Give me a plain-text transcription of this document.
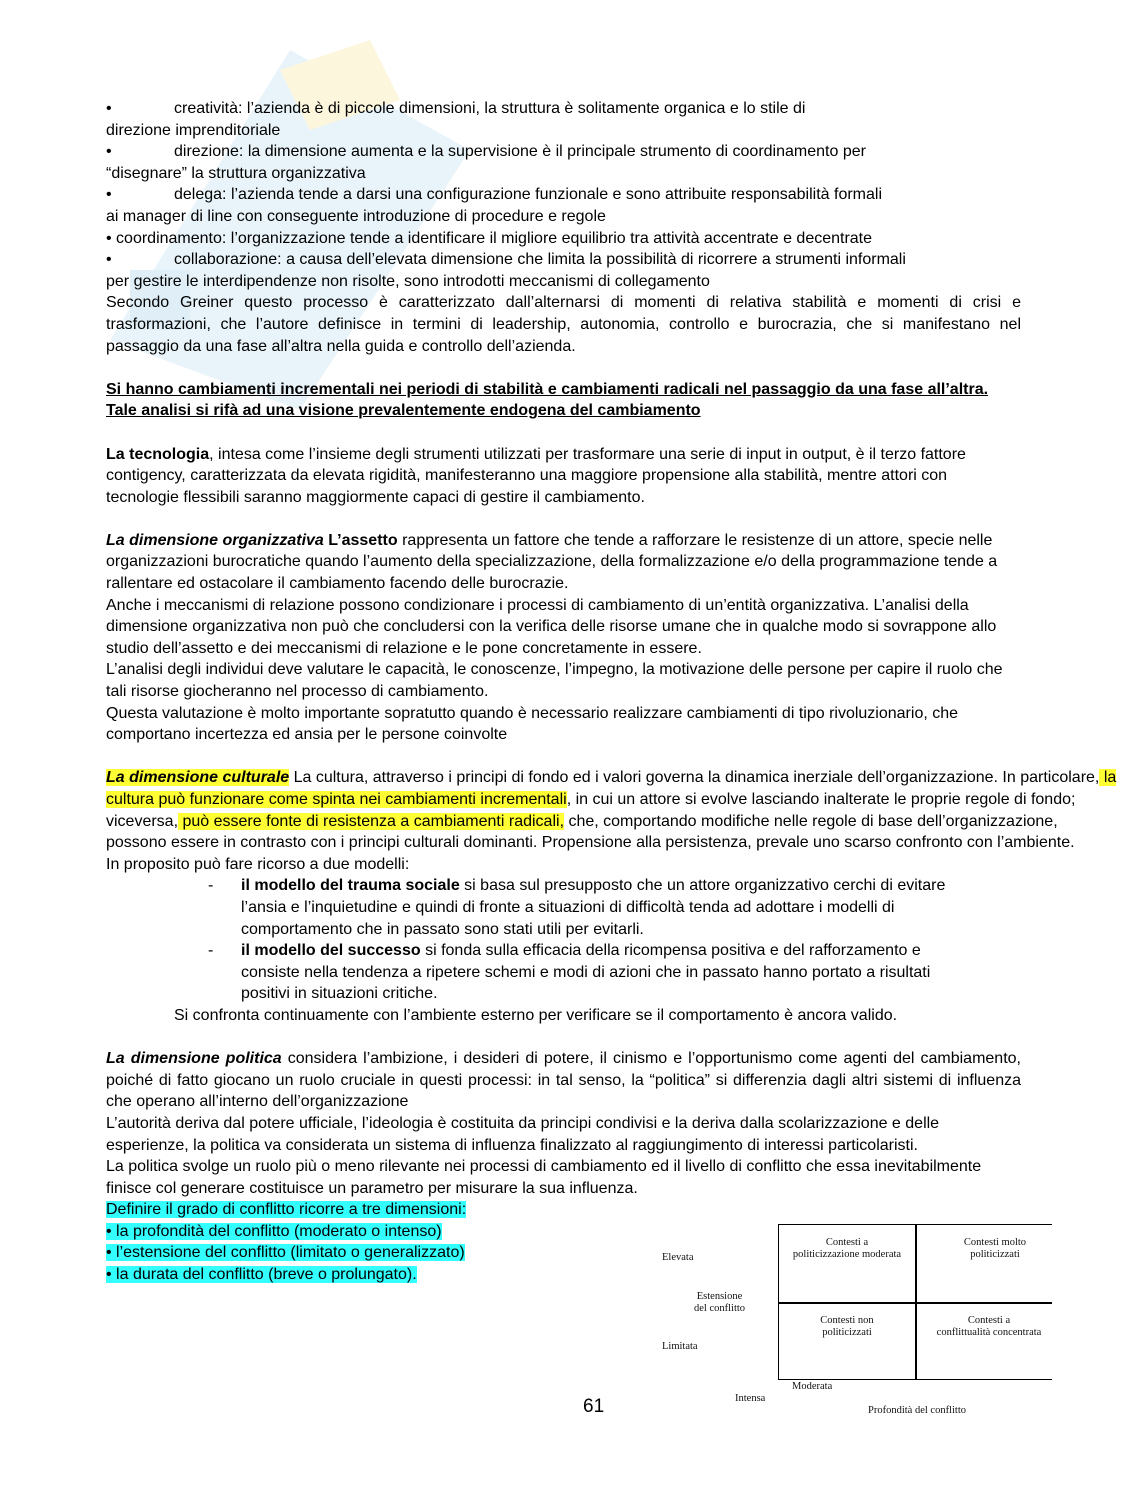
•	creatività: l’azienda è di piccole dimensioni, la struttura è solitamente organica e lo stile di
direzione imprenditoriale
•	direzione: la dimensione aumenta e la supervisione è il principale strumento di coordinamento per
“disegnare” la struttura organizzativa
•	delega: l’azienda tende a darsi una configurazione funzionale e sono attribuite responsabilità formali
ai manager di line con conseguente introduzione di procedure e regole
• coordinamento: l’organizzazione tende a identificare il migliore equilibrio tra attività accentrate e decentrate
•	collaborazione: a causa dell’elevata dimensione che limita la possibilità di ricorrere a strumenti informali
per gestire le interdipendenze non risolte, sono introdotti meccanismi di collegamento

Secondo Greiner questo processo è caratterizzato dall’alternarsi di momenti di relativa stabilità e momenti di crisi e trasformazioni, che l’autore definisce in termini di leadership, autonomia, controllo e burocrazia, che si manifestano nel passaggio da una fase all’altra nella guida e controllo dell’azienda.

Si hanno cambiamenti incrementali nei periodi di stabilità e cambiamenti radicali nel passaggio da una fase all’altra. Tale analisi si rifà ad una visione prevalentemente endogena del cambiamento

La tecnologia, intesa come l’insieme degli strumenti utilizzati per trasformare una serie di input in output, è il terzo fattore contigency, caratterizzata da elevata rigidità, manifesteranno una maggiore propensione alla stabilità, mentre attori con tecnologie flessibili saranno maggiormente capaci di gestire il cambiamento.

La dimensione organizzativa L’assetto rappresenta un fattore che tende a rafforzare le resistenze di un attore, specie nelle organizzazioni burocratiche quando l’aumento della specializzazione, della formalizzazione e/o della programmazione tende a rallentare ed ostacolare il cambiamento facendo delle burocrazie.

Anche i meccanismi di relazione possono condizionare i processi di cambiamento di un’entità organizzativa. L’analisi della dimensione organizzativa non può che concludersi con la verifica delle risorse umane che in qualche modo si sovrappone allo studio dell’assetto e dei meccanismi di relazione e le pone concretamente in essere.

L’analisi degli individui deve valutare le capacità, le conoscenze, l’impegno, la motivazione delle persone per capire il ruolo che tali risorse giocheranno nel processo di cambiamento.

Questa valutazione è molto importante sopratutto quando è necessario realizzare cambiamenti di tipo rivoluzionario, che comportano incertezza ed ansia per le persone coinvolte

La dimensione culturale La cultura, attraverso i principi di fondo ed i valori governa la dinamica inerziale dell’organizzazione. In particolare, la cultura può funzionare come spinta nei cambiamenti incrementali, in cui un attore si evolve lasciando inalterate le proprie regole di fondo; viceversa, può essere fonte di resistenza a cambiamenti radicali, che, comportando modifiche nelle regole di base dell’organizzazione, possono essere in contrasto con i principi culturali dominanti. Propensione alla persistenza, prevale uno scarso confronto con l’ambiente.

In proposito può fare ricorso a due modelli:

- il modello del trauma sociale si basa sul presupposto che un attore organizzativo cerchi di evitare l’ansia e l’inquietudine e quindi di fronte a situazioni di difficoltà tenda ad adottare i modelli di comportamento che in passato sono stati utili per evitarli.
- il modello del successo si fonda sulla efficacia della ricompensa positiva e del rafforzamento e consiste nella tendenza a ripetere schemi e modi di azioni che in passato hanno portato a risultati positivi in situazioni critiche.

Si confronta continuamente con l’ambiente esterno per verificare se il comportamento è ancora valido.

La dimensione politica considera l’ambizione, i desideri di potere, il cinismo e l’opportunismo come agenti del cambiamento, poiché di fatto giocano un ruolo cruciale in questi processi: in tal senso, la “politica” si differenzia dagli altri sistemi di influenza che operano all’interno dell’organizzazione

L’autorità deriva dal potere ufficiale, l’ideologia è costituita da principi condivisi e la deriva dalla scolarizzazione e delle esperienze, la politica va considerata un sistema di influenza finalizzato al raggiungimento di interessi particolaristi.

La politica svolge un ruolo più o meno rilevante nei processi di cambiamento ed il livello di conflitto che essa inevitabilmente finisce col generare costituisce un parametro per misurare la sua influenza.

Definire il grado di conflitto ricorre a tre dimensioni:
• la profondità del conflitto (moderato o intenso)
• l’estensione del conflitto (limitato o generalizzato)
• la durata del conflitto (breve o prolungato).
Contesti a
politicizzazione moderata
Contesti molto
politicizzati
Contesti non
politicizzati
Contesti a
conflittualità concentrata
Elevata
Estensione
del conflitto
Limitata
Moderata
Intensa
Profondità del conflitto
61
